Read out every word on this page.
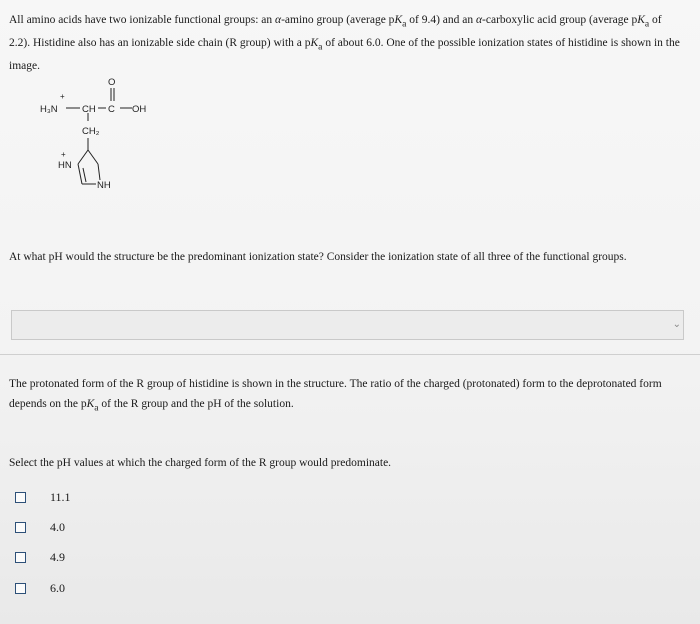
All amino acids have two ionizable functional groups: an α-amino group (average $pK_a$ of 9.4) and an α-carboxylic acid group (average $pK_a$ of 2.2). Histidine also has an ionizable side chain (R group) with a $pK_a$ of about 6.0. One of the possible ionization states of histidine is shown in the image.

H₃N
+
CH C OH
O
CH₂
HN
+
NH

At what pH would the structure be the predominant ionization state? Consider the ionization state of all three of the functional groups.

⌄

The protonated form of the R group of histidine is shown in the structure. The ratio of the charged (protonated) form to the deprotonated form depends on the $pK_a$ of the R group and the pH of the solution.

Select the pH values at which the charged form of the R group would predominate.

11.1
4.0
4.9
6.0
